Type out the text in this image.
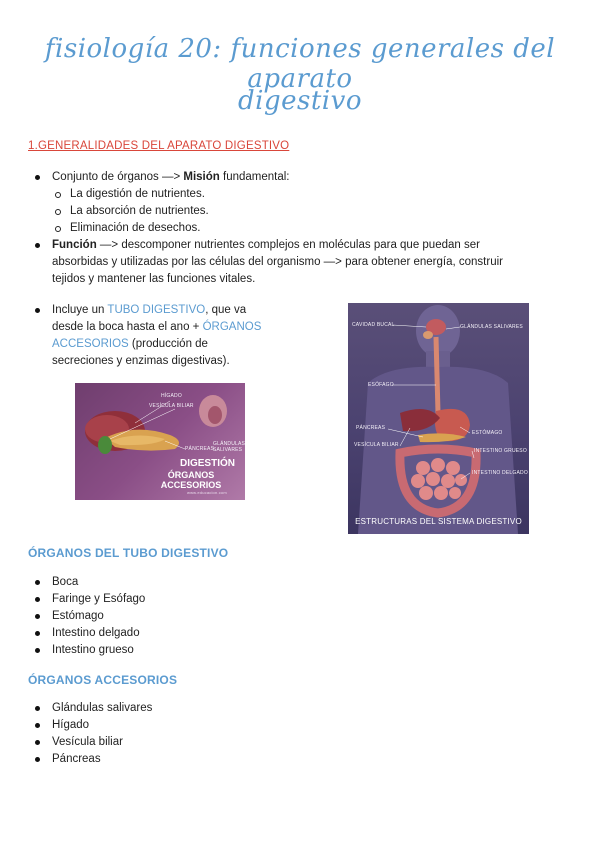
fisiología 20: funciones generales del aparato
digestivo
1.GENERALIDADES DEL APARATO DIGESTIVO
Conjunto de órganos —> Misión fundamental:
La digestión de nutrientes.
La absorción de nutrientes.
Eliminación de desechos.
Función —> descomponer nutrientes complejos en moléculas para que puedan ser
absorbidas y utilizadas por las células del organismo —> para obtener energía, construir
tejidos y mantener las funciones vitales.
Incluye un TUBO DIGESTIVO, que va
desde la boca hasta el ano + ÓRGANOS
ACCESORIOS (producción de
secreciones y enzimas digestivas).
HÍGADO
VESÍCULA BILIAR
PÁNCREAS
GLÁNDULAS SALIVARES
DIGESTIÓN
ÓRGANOS ACCESORIOS
www.educacion.com
CAVIDAD BUCAL	GLÁNDULAS SALIVARES
ESÓFAGO
PÁNCREAS
ESTÓMAGO
VESÍCULA BILIAR
INTESTINO GRUESO
INTESTINO DELGADO
ESTRUCTURAS DEL SISTEMA DIGESTIVO
ÓRGANOS DEL TUBO DIGESTIVO
Boca
Faringe y Esófago
Estómago
Intestino delgado
Intestino grueso
ÓRGANOS ACCESORIOS
Glándulas salivares
Hígado
Vesícula biliar
Páncreas
